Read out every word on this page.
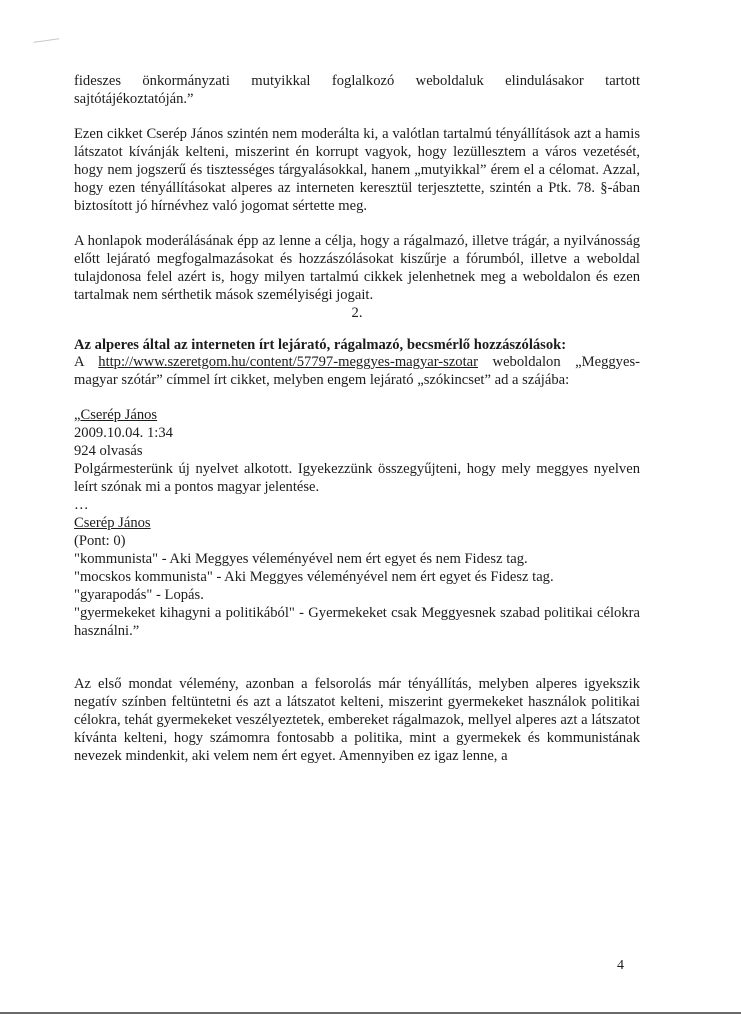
fideszes önkormányzati mutyikkal foglalkozó weboldaluk elindulásakor tartott sajtótájékoztatóján.”

Ezen cikket Cserép János szintén nem moderálta ki, a valótlan tartalmú tényállítások azt a hamis látszatot kívánják kelteni, miszerint én korrupt vagyok, hogy lezüllesztem a város vezetését, hogy nem jogszerű és tisztességes tárgyalásokkal, hanem „mutyikkal” érem el a célomat. Azzal, hogy ezen tényállításokat alperes az interneten keresztül terjesztette, szintén a Ptk. 78. §-ában biztosított jó hírnévhez való jogomat sértette meg.

A honlapok moderálásának épp az lenne a célja, hogy a rágalmazó, illetve trágár, a nyilvánosság előtt lejárató megfogalmazásokat és hozzászólásokat kiszűrje a fórumból, illetve a weboldal tulajdonosa felel azért is, hogy milyen tartalmú cikkek jelenhetnek meg a weboldalon és ezen tartalmak nem sérthetik mások személyiségi jogait.

2.

Az alperes által az interneten írt lejárató, rágalmazó, becsmérlő hozzászólások:

A http://www.szeretgom.hu/content/57797-meggyes-magyar-szotar weboldalon „Meggyes-magyar szótár” címmel írt cikket, melyben engem lejárató „szókincset” ad a szájába:

„Cserép János

2009.10.04. 1:34

924 olvasás

Polgármesterünk új nyelvet alkotott. Igyekezzünk összegyűjteni, hogy mely meggyes nyelven leírt szónak mi a pontos magyar jelentése.

…

Cserép János

(Pont: 0)

"kommunista" - Aki Meggyes véleményével nem ért egyet és nem Fidesz tag.

"mocskos kommunista" - Aki Meggyes véleményével nem ért egyet és Fidesz tag.

"gyarapodás" - Lopás.

"gyermekeket kihagyni a politikából" - Gyermekeket csak Meggyesnek szabad politikai célokra használni.”

Az első mondat vélemény, azonban a felsorolás már tényállítás, melyben alperes igyekszik negatív színben feltüntetni és azt a látszatot kelteni, miszerint gyermekeket használok politikai célokra, tehát gyermekeket veszélyeztetek, embereket rágalmazok, mellyel alperes azt a látszatot kívánta kelteni, hogy számomra fontosabb a politika, mint a gyermekek és kommunistának nevezek mindenkit, aki velem nem ért egyet. Amennyiben ez igaz lenne, a

4
